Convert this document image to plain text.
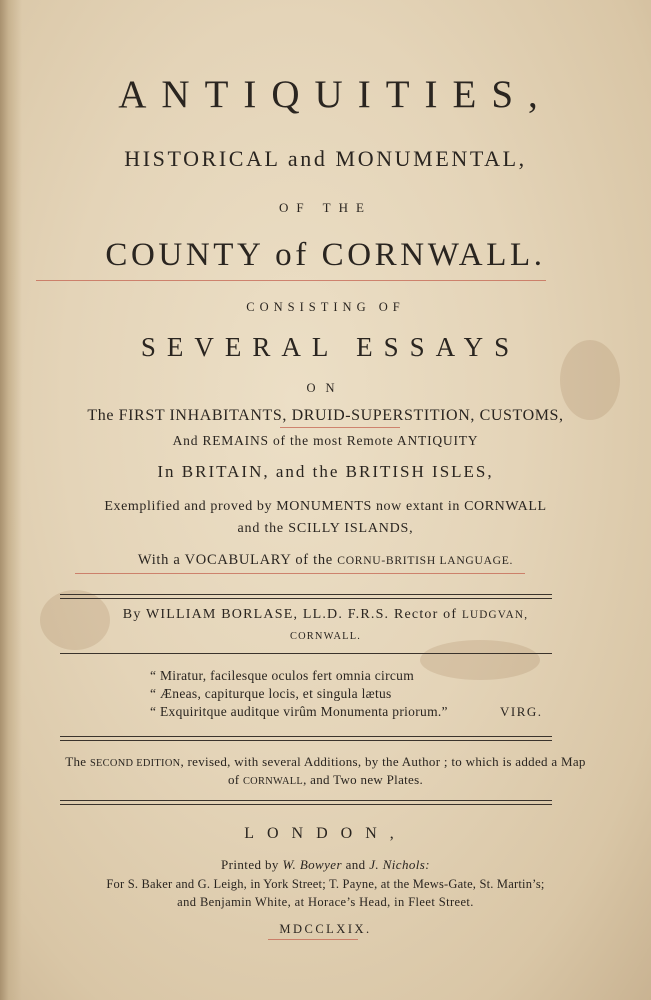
ANTIQUITIES,
HISTORICAL and MONUMENTAL,
OF THE
COUNTY of CORNWALL.
CONSISTING OF
SEVERAL ESSAYS
ON
The FIRST INHABITANTS, DRUID-SUPERSTITION, CUSTOMS,
And REMAINS of the most Remote ANTIQUITY
In BRITAIN, and the BRITISH ISLES,
Exemplified and proved by MONUMENTS now extant in CORNWALL
and the SCILLY ISLANDS,
With a VOCABULARY of the CORNU-BRITISH LANGUAGE.
By WILLIAM BORLASE, LL.D. F.R.S. Rector of LUDGVAN,
CORNWALL.
“ Miratur, facilesque oculos fert omnia circum
“ Æneas, capiturque locis, et singula lætus
“ Exquiritque auditque virûm Monumenta priorum.”	VIRG.
The SECOND EDITION, revised, with several Additions, by the Author ; to which is added a Map
of CORNWALL, and Two new Plates.
LONDON,
Printed by W. Bowyer and J. Nichols:
For S. Baker and G. Leigh, in York Street; T. Payne, at the Mews-Gate, St. Martin’s;
and Benjamin White, at Horace’s Head, in Fleet Street.
MDCCLXIX.
